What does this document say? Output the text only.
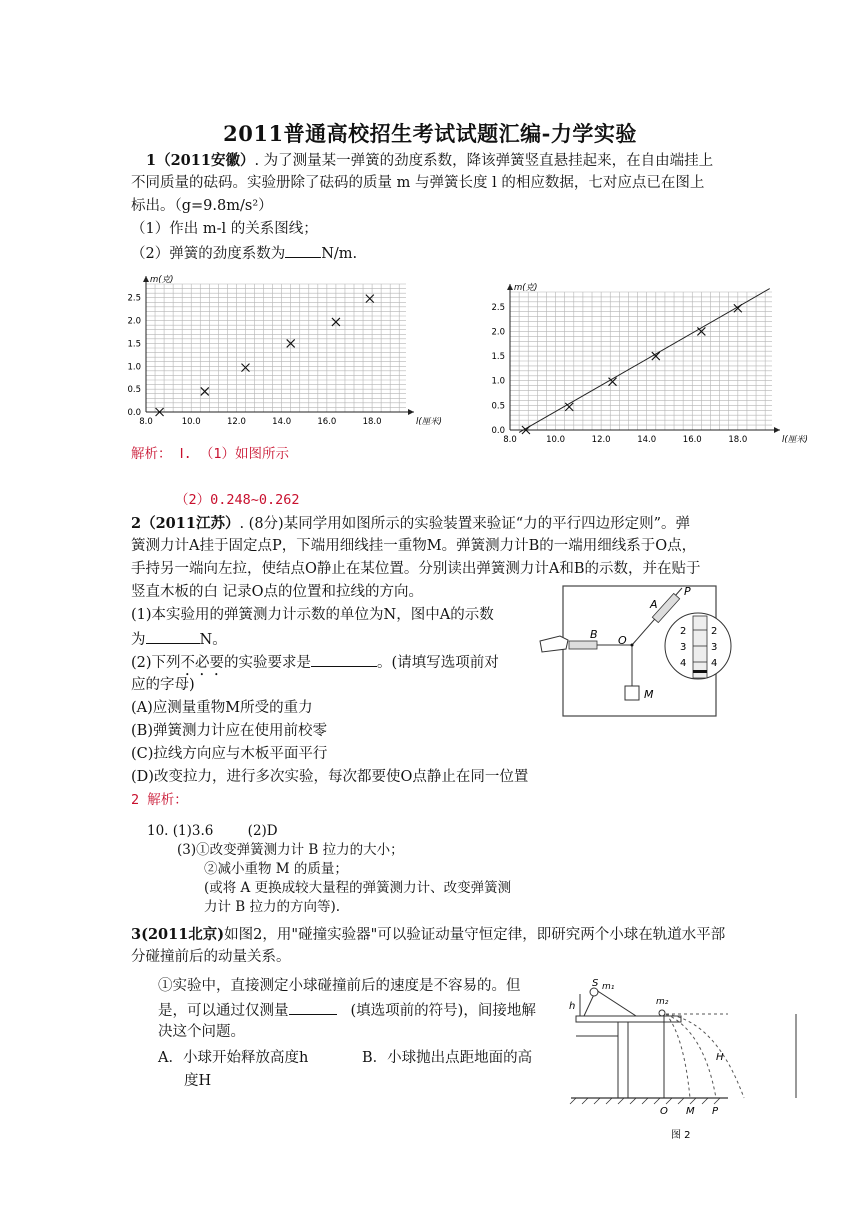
2011普通高校招生考试试题汇编-力学实验
1（2011安徽）. 为了测量某一弹簧的劲度系数，降该弹簧竖直悬挂起来，在自由端挂上
不同质量的砝码。实验册除了砝码的质量 m 与弹簧长度 l 的相应数据，七对应点已在图上
标出。（g=9.8m/s²）
（1）作出 m-l 的关系图线；
（2）弹簧的劲度系数为 N/m.
8.0	10.0	12.0	14.0	16.0	18.0
0.0
0.5
1.0
1.5
2.0
2.5
l(厘米)
m(克)
8.0	10.0	12.0	14.0	16.0	18.0
0.0
0.5
1.0
1.5
2.0
2.5
l(厘米)
m(克)
解析： Ⅰ. （1）如图所示
（2）0.248~0.262
2（2011江苏）. (8分)某同学用如图所示的实验装置来验证“力的平行四边形定则”。弹
簧测力计A挂于固定点P，下端用细线挂一重物M。弹簧测力计B的一端用细线系于O点，
手持另一端向左拉，使结点O静止在某位置。分别读出弹簧测力计A和B的示数，并在贴于
竖直木板的白 记录O点的位置和拉线的方向。
(1)本实验用的弹簧测力计示数的单位为N，图中A的示数
为	N。
(2)下列不必要的实验要求是	。(请填写选项前对
应的字母)
(A)应测量重物M所受的重力
(B)弹簧测力计应在使用前校零
(C)拉线方向应与木板平面平行
(D)改变拉力，进行多次实验，每次都要使O点静止在同一位置
2 解析：
B O
P
A
M
2
3
4
2
3
4
10. (1)3.6        (2)D
(3)①改变弹簧测力计 B 拉力的大小；
②减小重物 M 的质量；
(或将 A 更换成较大量程的弹簧测力计、改变弹簧测
力计 B 拉力的方向等).
3(2011北京)如图2，用"碰撞实验器"可以验证动量守恒定律，即研究两个小球在轨道水平部
分碰撞前后的动量关系。
①实验中，直接测定小球碰撞前后的速度是不容易的。但
是，可以通过仅测量	(填选项前的符号)，间接地解
决这个问题。
A．小球开始释放高度h	B．小球抛出点距地面的高
度H
h
S m₁
m₂
H
O M P
图 2
